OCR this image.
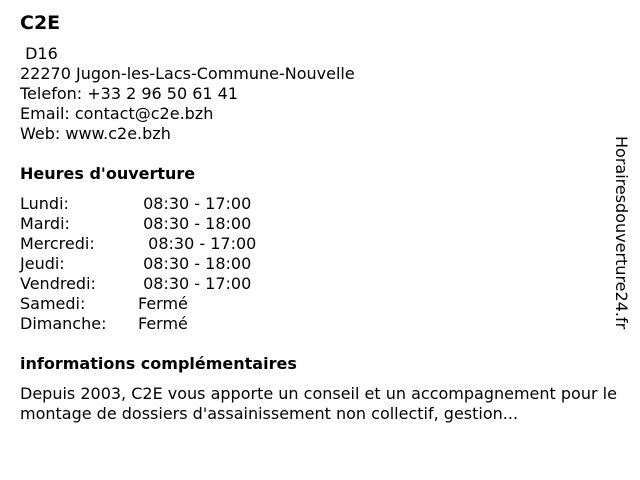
C2E
D16
22270 Jugon-les-Lacs-Commune-Nouvelle
Telefon: +33 2 96 50 61 41
Email: contact@c2e.bzh
Web: www.c2e.bzh
Heures d'ouverture
Lundi:	08:30 - 17:00
Mardi:	08:30 - 18:00
Mercredi:	08:30 - 17:00
Jeudi:	08:30 - 18:00
Vendredi:	08:30 - 17:00
Samedi:	Fermé
Dimanche:	Fermé
informations complémentaires
Depuis 2003, C2E vous apporte un conseil et un accompagnement pour le montage de dossiers d'assainissement non collectif, gestion...
Horairesdouverture24.fr
